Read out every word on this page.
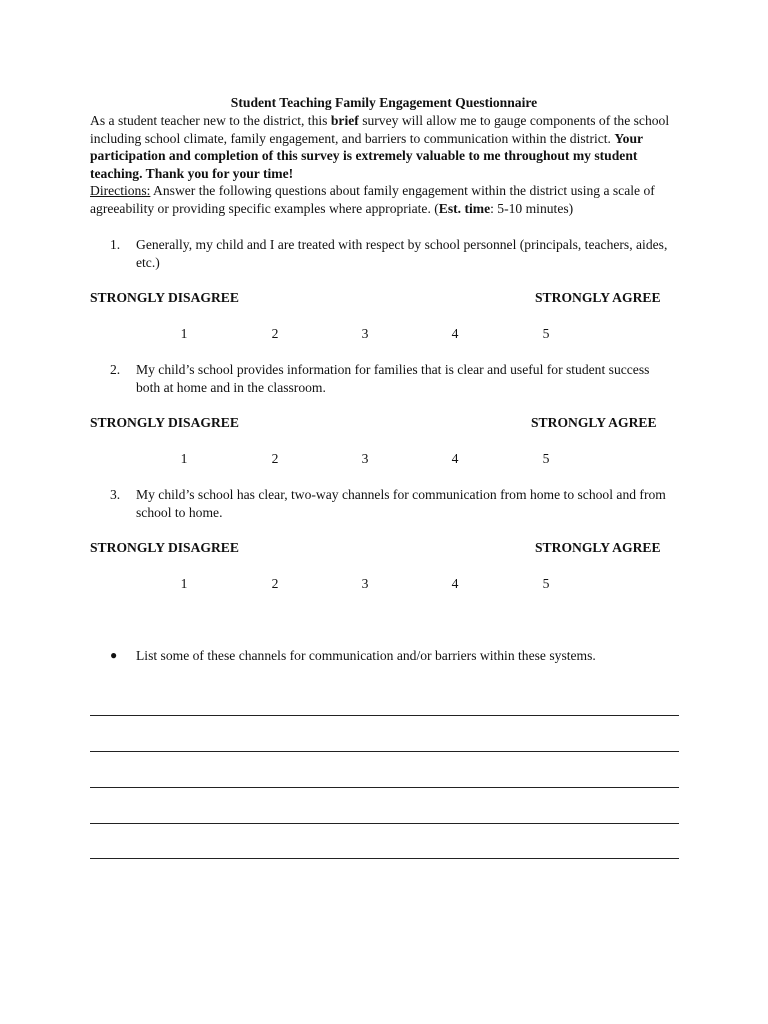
Student Teaching Family Engagement Questionnaire

As a student teacher new to the district, this brief survey will allow me to gauge components of the school including school climate, family engagement, and barriers to communication within the district. Your participation and completion of this survey is extremely valuable to me throughout my student teaching. Thank you for your time!

Directions: Answer the following questions about family engagement within the district using a scale of agreeability or providing specific examples where appropriate. (Est. time: 5-10 minutes)

1. Generally, my child and I are treated with respect by school personnel (principals, teachers, aides, etc.)
STRONGLY DISAGREE	STRONGLY AGREE
1	2	3	4	5
2. My child’s school provides information for families that is clear and useful for student success both at home and in the classroom.
STRONGLY DISAGREE	STRONGLY AGREE
1	2	3	4	5
3. My child’s school has clear, two-way channels for communication from home to school and from school to home.
STRONGLY DISAGREE	STRONGLY AGREE
1	2	3	4	5
● List some of these channels for communication and/or barriers within these systems.
